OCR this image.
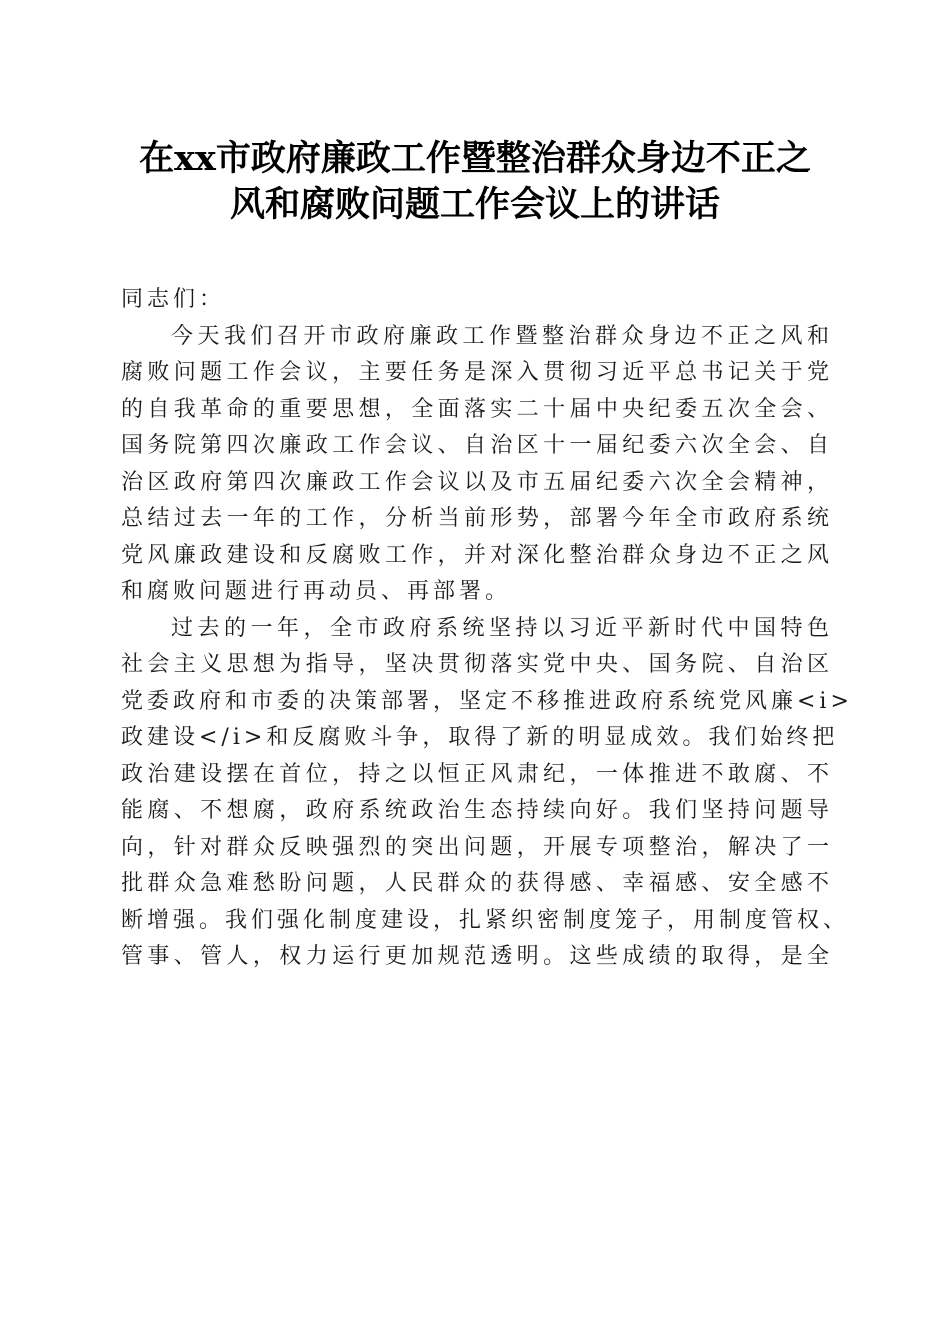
在xx市政府廉政工作暨整治群众身边不正之
风和腐败问题工作会议上的讲话
同志们：
今天我们召开市政府廉政工作暨整治群众身边不正之风和
腐败问题工作会议，主要任务是深入贯彻习近平总书记关于党
的自我革命的重要思想，全面落实二十届中央纪委五次全会、
国务院第四次廉政工作会议、自治区十一届纪委六次全会、自
治区政府第四次廉政工作会议以及市五届纪委六次全会精神，
总结过去一年的工作，分析当前形势，部署今年全市政府系统
党风廉政建设和反腐败工作，并对深化整治群众身边不正之风
和腐败问题进行再动员、再部署。
过去的一年，全市政府系统坚持以习近平新时代中国特色
社会主义思想为指导，坚决贯彻落实党中央、国务院、自治区
党委政府和市委的决策部署，坚定不移推进政府系统党风廉<i>
政建设</i>和反腐败斗争，取得了新的明显成效。我们始终把
政治建设摆在首位，持之以恒正风肃纪，一体推进不敢腐、不
能腐、不想腐，政府系统政治生态持续向好。我们坚持问题导
向，针对群众反映强烈的突出问题，开展专项整治，解决了一
批群众急难愁盼问题，人民群众的获得感、幸福感、安全感不
断增强。我们强化制度建设，扎紧织密制度笼子，用制度管权、
管事、管人，权力运行更加规范透明。这些成绩的取得，是全
